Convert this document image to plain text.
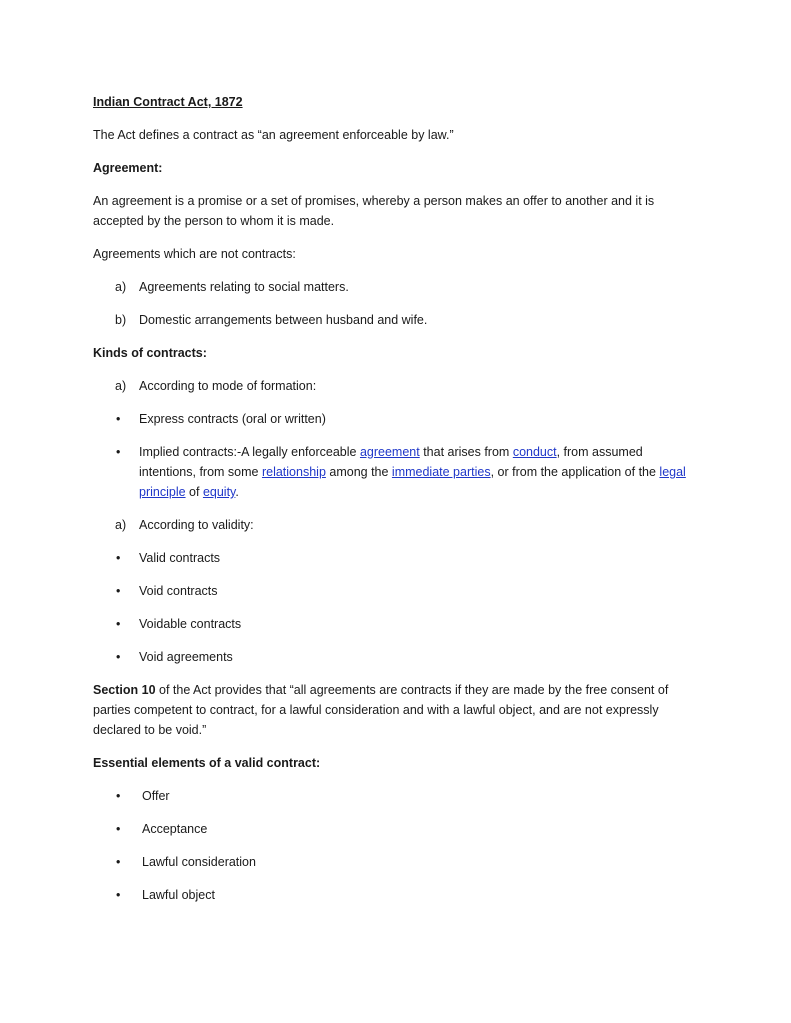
Indian Contract Act, 1872
The Act defines a contract as “an agreement enforceable by law.”
Agreement:
An agreement is a promise or a set of promises, whereby a person makes an offer to another and it is accepted by the person to whom it is made.
Agreements which are not contracts:
a) Agreements relating to social matters.
b) Domestic arrangements between husband and wife.
Kinds of contracts:
a) According to mode of formation:
• Express contracts (oral or written)
• Implied contracts:-A legally enforceable agreement that arises from conduct, from assumed intentions, from some relationship among the immediate parties, or from the application of the legal principle of equity.
a) According to validity:
• Valid contracts
• Void contracts
• Voidable contracts
• Void agreements
Section 10 of the Act provides that “all agreements are contracts if they are made by the free consent of parties competent to contract, for a lawful consideration and with a lawful object, and are not expressly declared to be void.”
Essential elements of a valid contract:
• Offer
• Acceptance
• Lawful consideration
• Lawful object
